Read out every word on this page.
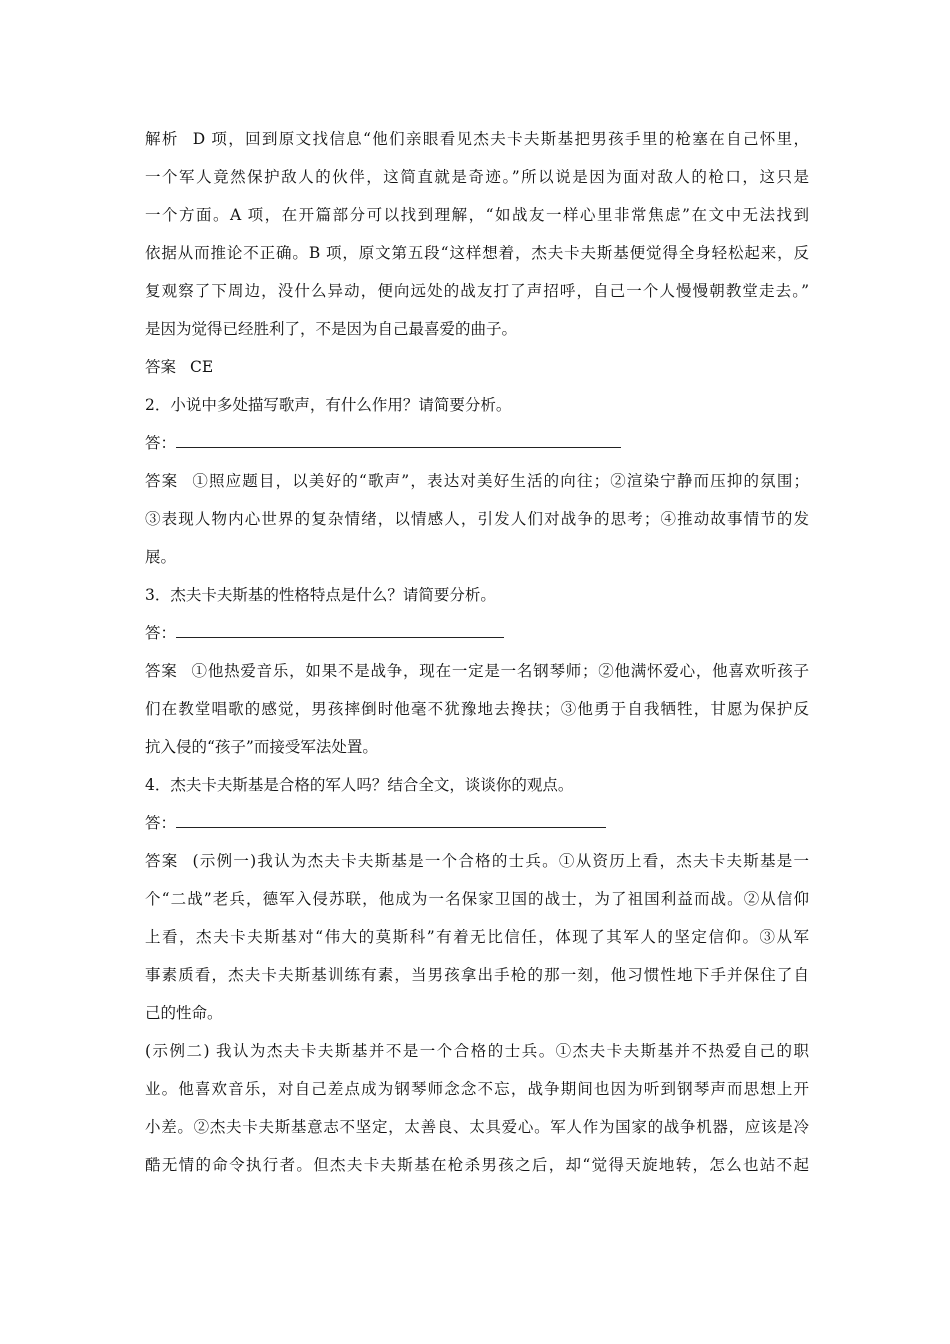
解析 D 项，回到原文找信息“他们亲眼看见杰夫卡夫斯基把男孩手里的枪塞在自己怀里，
一个军人竟然保护敌人的伙伴，这简直就是奇迹。”所以说是因为面对敌人的枪口，这只是
一个方面。A 项，在开篇部分可以找到理解，“如战友一样心里非常焦虑”在文中无法找到
依据从而推论不正确。B 项，原文第五段“这样想着，杰夫卡夫斯基便觉得全身轻松起来，反
复观察了下周边，没什么异动，便向远处的战友打了声招呼，自己一个人慢慢朝教堂走去。”
是因为觉得已经胜利了，不是因为自己最喜爱的曲子。
答案 CE
2．小说中多处描写歌声，有什么作用？请简要分析。
答：
答案 ①照应题目，以美好的“歌声”，表达对美好生活的向往；②渲染宁静而压抑的氛围；
③表现人物内心世界的复杂情绪，以情感人，引发人们对战争的思考；④推动故事情节的发
展。
3．杰夫卡夫斯基的性格特点是什么？请简要分析。
答：
答案 ①他热爱音乐，如果不是战争，现在一定是一名钢琴师；②他满怀爱心，他喜欢听孩子
们在教堂唱歌的感觉，男孩摔倒时他毫不犹豫地去搀扶；③他勇于自我牺牲，甘愿为保护反
抗入侵的“孩子”而接受军法处置。
4．杰夫卡夫斯基是合格的军人吗？结合全文，谈谈你的观点。
答：
答案 (示例一)我认为杰夫卡夫斯基是一个合格的士兵。①从资历上看，杰夫卡夫斯基是一
个“二战”老兵，德军入侵苏联，他成为一名保家卫国的战士，为了祖国利益而战。②从信仰
上看，杰夫卡夫斯基对“伟大的莫斯科”有着无比信任，体现了其军人的坚定信仰。③从军
事素质看，杰夫卡夫斯基训练有素，当男孩拿出手枪的那一刻，他习惯性地下手并保住了自
己的性命。
(示例二) 我认为杰夫卡夫斯基并不是一个合格的士兵。①杰夫卡夫斯基并不热爱自己的职
业。他喜欢音乐，对自己差点成为钢琴师念念不忘，战争期间也因为听到钢琴声而思想上开
小差。②杰夫卡夫斯基意志不坚定，太善良、太具爱心。军人作为国家的战争机器，应该是冷
酷无情的命令执行者。但杰夫卡夫斯基在枪杀男孩之后，却“觉得天旋地转，怎么也站不起
